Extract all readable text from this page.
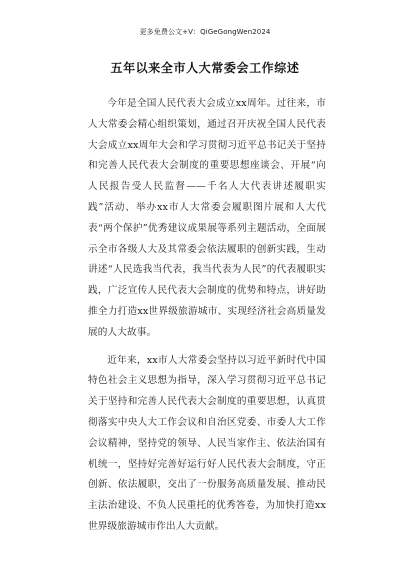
更多免费公文+V：QiGeGongWen2024
五年以来全市人大常委会工作综述

今年是全国人民代表大会成立xx周年。过往来，市人大常委会精心组织策划，通过召开庆祝全国人民代表大会成立xx周年大会和学习贯彻习近平总书记关于坚持和完善人民代表大会制度的重要思想座谈会、开展“向人民报告受人民监督——千名人大代表讲述履职实践”活动、举办xx市人大常委会履职图片展和人大代表“两个保护”优秀建议成果展等系列主题活动，全面展示全市各级人大及其常委会依法履职的创新实践，生动讲述“人民选我当代表，我当代表为人民”的代表履职实践，广泛宣传人民代表大会制度的优势和特点，讲好助推全力打造xx世界级旅游城市、实现经济社会高质量发展的人大故事。

近年来，xx市人大常委会坚持以习近平新时代中国特色社会主义思想为指导，深入学习贯彻习近平总书记关于坚持和完善人民代表大会制度的重要思想，认真贯彻落实中央人大工作会议和自治区党委、市委人大工作会议精神，坚持党的领导、人民当家作主、依法治国有机统一，坚持好完善好运行好人民代表大会制度，守正创新、依法履职，交出了一份服务高质量发展、推动民主法治建设、不负人民重托的优秀答卷，为加快打造xx世界级旅游城市作出人大贡献。
